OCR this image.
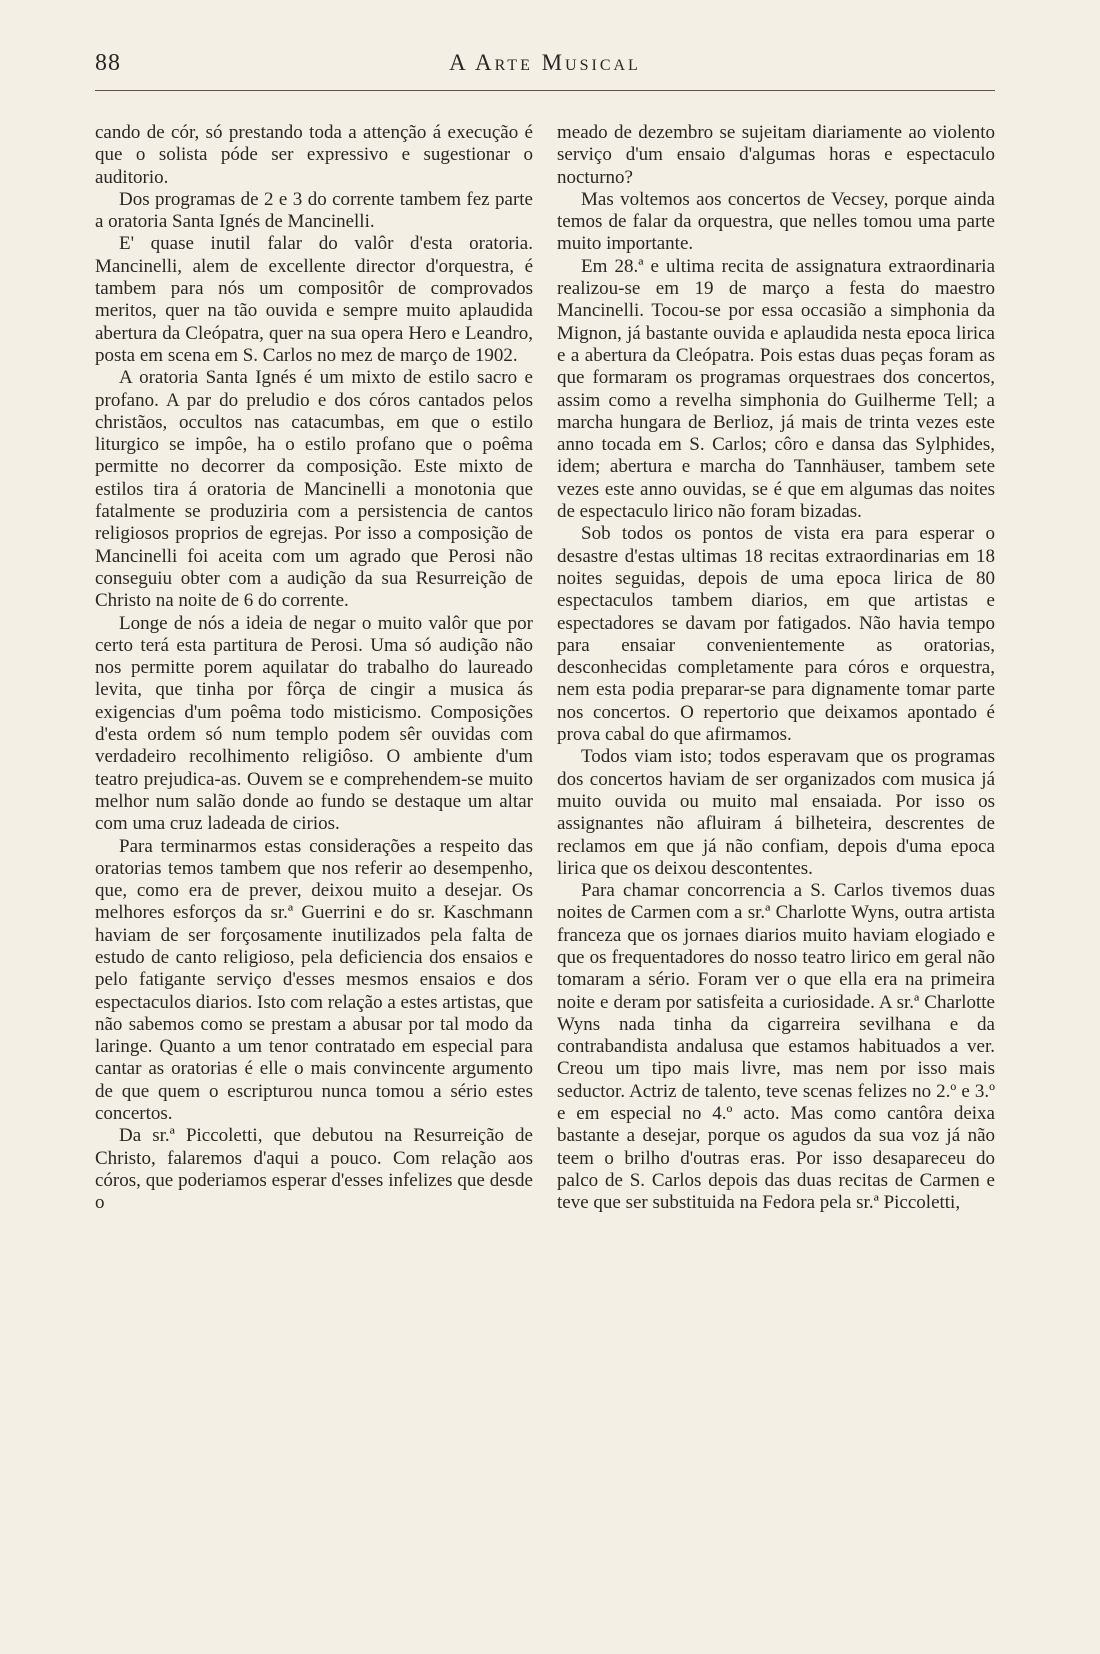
88	A Arte Musical

cando de cór, só prestando toda a attenção á execução é que o solista póde ser expressivo e sugestionar o auditorio.

Dos programas de 2 e 3 do corrente tambem fez parte a oratoria Santa Ignés de Mancinelli.

E' quase inutil falar do valôr d'esta oratoria. Mancinelli, alem de excellente director d'orquestra, é tambem para nós um compositôr de comprovados meritos, quer na tão ouvida e sempre muito aplaudida abertura da Cleópatra, quer na sua opera Hero e Leandro, posta em scena em S. Carlos no mez de março de 1902.

A oratoria Santa Ignés é um mixto de estilo sacro e profano. A par do preludio e dos córos cantados pelos christãos, occultos nas catacumbas, em que o estilo liturgico se impôe, ha o estilo profano que o poêma permitte no decorrer da composição. Este mixto de estilos tira á oratoria de Mancinelli a monotonia que fatalmente se produziria com a persistencia de cantos religiosos proprios de egrejas. Por isso a composição de Mancinelli foi aceita com um agrado que Perosi não conseguiu obter com a audição da sua Resurreição de Christo na noite de 6 do corrente.

Longe de nós a ideia de negar o muito valôr que por certo terá esta partitura de Perosi. Uma só audição não nos permitte porem aquilatar do trabalho do laureado levita, que tinha por fôrça de cingir a musica ás exigencias d'um poêma todo misticismo. Composições d'esta ordem só num templo podem sêr ouvidas com verdadeiro recolhimento religiôso. O ambiente d'um teatro prejudica-as. Ouvem se e comprehendem-se muito melhor num salão donde ao fundo se destaque um altar com uma cruz ladeada de cirios.

Para terminarmos estas considerações a respeito das oratorias temos tambem que nos referir ao desempenho, que, como era de prever, deixou muito a desejar. Os melhores esforços da sr.ª Guerrini e do sr. Kaschmann haviam de ser forçosamente inutilizados pela falta de estudo de canto religioso, pela deficiencia dos ensaios e pelo fatigante serviço d'esses mesmos ensaios e dos espectaculos diarios. Isto com relação a estes artistas, que não sabemos como se prestam a abusar por tal modo da laringe. Quanto a um tenor contratado em especial para cantar as oratorias é elle o mais convincente argumento de que quem o escripturou nunca tomou a sério estes concertos.

Da sr.ª Piccoletti, que debutou na Resurreição de Christo, falaremos d'aqui a pouco. Com relação aos córos, que poderiamos esperar d'esses infelizes que desde o

meado de dezembro se sujeitam diariamente ao violento serviço d'um ensaio d'algumas horas e espectaculo nocturno?

Mas voltemos aos concertos de Vecsey, porque ainda temos de falar da orquestra, que nelles tomou uma parte muito importante.

Em 28.ª e ultima recita de assignatura extraordinaria realizou-se em 19 de março a festa do maestro Mancinelli. Tocou-se por essa occasião a simphonia da Mignon, já bastante ouvida e aplaudida nesta epoca lirica e a abertura da Cleópatra. Pois estas duas peças foram as que formaram os programas orquestraes dos concertos, assim como a revelha simphonia do Guilherme Tell; a marcha hungara de Berlioz, já mais de trinta vezes este anno tocada em S. Carlos; côro e dansa das Sylphides, idem; abertura e marcha do Tannhäuser, tambem sete vezes este anno ouvidas, se é que em algumas das noites de espectaculo lirico não foram bizadas.

Sob todos os pontos de vista era para esperar o desastre d'estas ultimas 18 recitas extraordinarias em 18 noites seguidas, depois de uma epoca lirica de 80 espectaculos tambem diarios, em que artistas e espectadores se davam por fatigados. Não havia tempo para ensaiar convenientemente as oratorias, desconhecidas completamente para córos e orquestra, nem esta podia preparar-se para dignamente tomar parte nos concertos. O repertorio que deixamos apontado é prova cabal do que afirmamos.

Todos viam isto; todos esperavam que os programas dos concertos haviam de ser organizados com musica já muito ouvida ou muito mal ensaiada. Por isso os assignantes não afluiram á bilheteira, descrentes de reclamos em que já não confiam, depois d'uma epoca lirica que os deixou descontentes.

Para chamar concorrencia a S. Carlos tivemos duas noites de Carmen com a sr.ª Charlotte Wyns, outra artista franceza que os jornaes diarios muito haviam elogiado e que os frequentadores do nosso teatro lirico em geral não tomaram a sério. Foram ver o que ella era na primeira noite e deram por satisfeita a curiosidade. A sr.ª Charlotte Wyns nada tinha da cigarreira sevilhana e da contrabandista andalusa que estamos habituados a ver. Creou um tipo mais livre, mas nem por isso mais seductor. Actriz de talento, teve scenas felizes no 2.º e 3.º e em especial no 4.º acto. Mas como cantôra deixa bastante a desejar, porque os agudos da sua voz já não teem o brilho d'outras eras. Por isso desapareceu do palco de S. Carlos depois das duas recitas de Carmen e teve que ser substituida na Fedora pela sr.ª Piccoletti,
